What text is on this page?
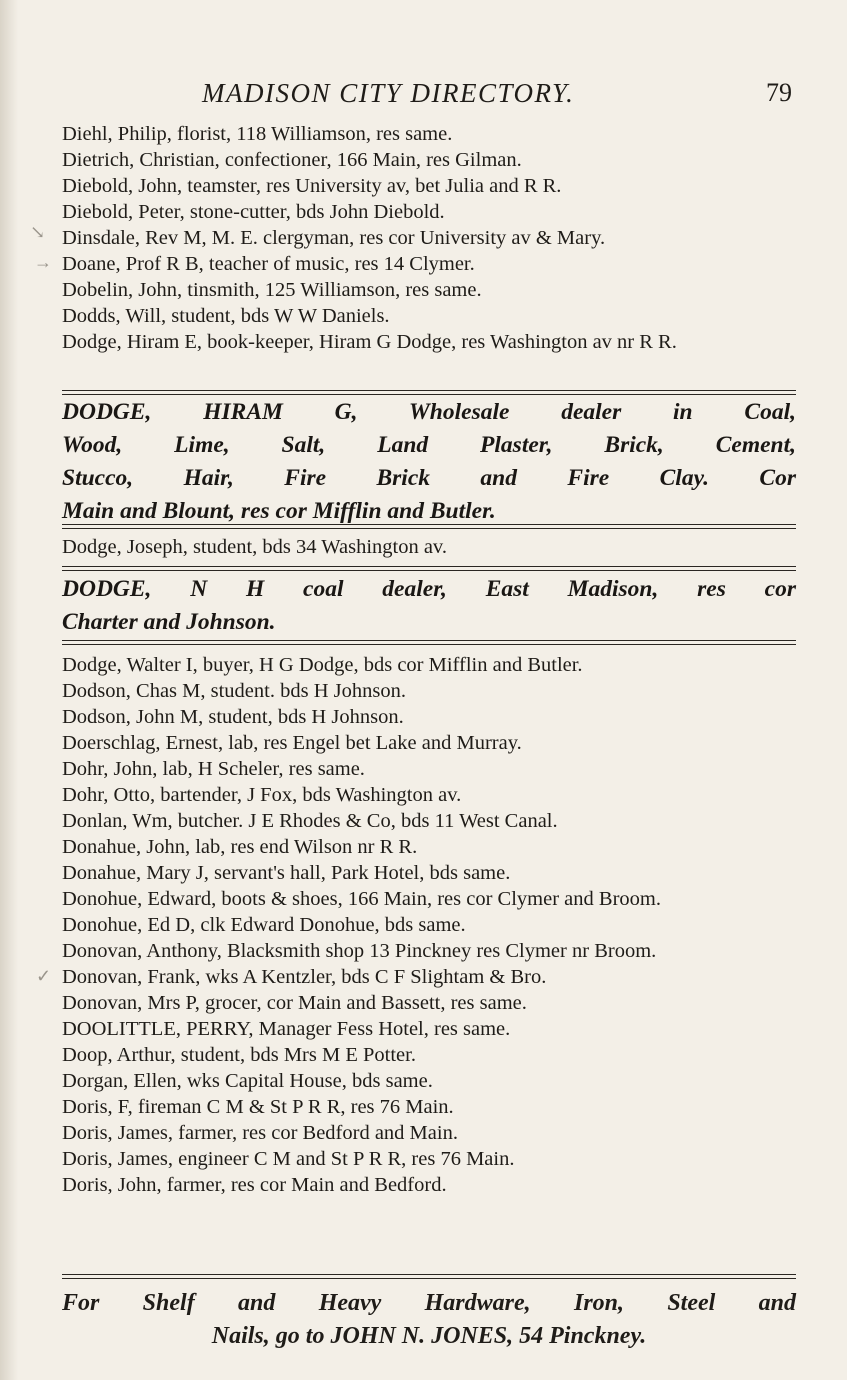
MADISON CITY DIRECTORY.	79

Diehl, Philip, florist, 118 Williamson, res same.

Dietrich, Christian, confectioner, 166 Main, res Gilman.

Diebold, John, teamster, res University av, bet Julia and R R.

Diebold, Peter, stone-cutter, bds John Diebold.

Dinsdale, Rev M, M. E. clergyman, res cor University av & Mary.

Doane, Prof R B, teacher of music, res 14 Clymer.

Dobelin, John, tinsmith, 125 Williamson, res same.

Dodds, Will, student, bds W W Daniels.

Dodge, Hiram E, book-keeper, Hiram G Dodge, res Washington av nr R R.

DODGE, HIRAM G, Wholesale dealer in Coal,
Wood, Lime, Salt, Land Plaster, Brick, Cement,
Stucco, Hair, Fire Brick and Fire Clay. Cor
Main and Blount, res cor Mifflin and Butler.

Dodge, Joseph, student, bds 34 Washington av.

DODGE, N H coal dealer, East Madison, res cor
Charter and Johnson.

Dodge, Walter I, buyer, H G Dodge, bds cor Mifflin and Butler.

Dodson, Chas M, student. bds H Johnson.

Dodson, John M, student, bds H Johnson.

Doerschlag, Ernest, lab, res Engel bet Lake and Murray.

Dohr, John, lab, H Scheler, res same.

Dohr, Otto, bartender, J Fox, bds Washington av.

Donlan, Wm, butcher. J E Rhodes & Co, bds 11 West Canal.

Donahue, John, lab, res end Wilson nr R R.

Donahue, Mary J, servant's hall, Park Hotel, bds same.

Donohue, Edward, boots & shoes, 166 Main, res cor Clymer and Broom.

Donohue, Ed D, clk Edward Donohue, bds same.

Donovan, Anthony, Blacksmith shop 13 Pinckney res Clymer nr Broom.

Donovan, Frank, wks A Kentzler, bds C F Slightam & Bro.

Donovan, Mrs P, grocer, cor Main and Bassett, res same.

DOOLITTLE, PERRY, Manager Fess Hotel, res same.

Doop, Arthur, student, bds Mrs M E Potter.

Dorgan, Ellen, wks Capital House, bds same.

Doris, F, fireman C M & St P R R, res 76 Main.

Doris, James, farmer, res cor Bedford and Main.

Doris, James, engineer C M and St P R R, res 76 Main.

Doris, John, farmer, res cor Main and Bedford.

For Shelf and Heavy Hardware, Iron, Steel and
Nails, go to JOHN N. JONES, 54 Pinckney.
↘
→
✓
